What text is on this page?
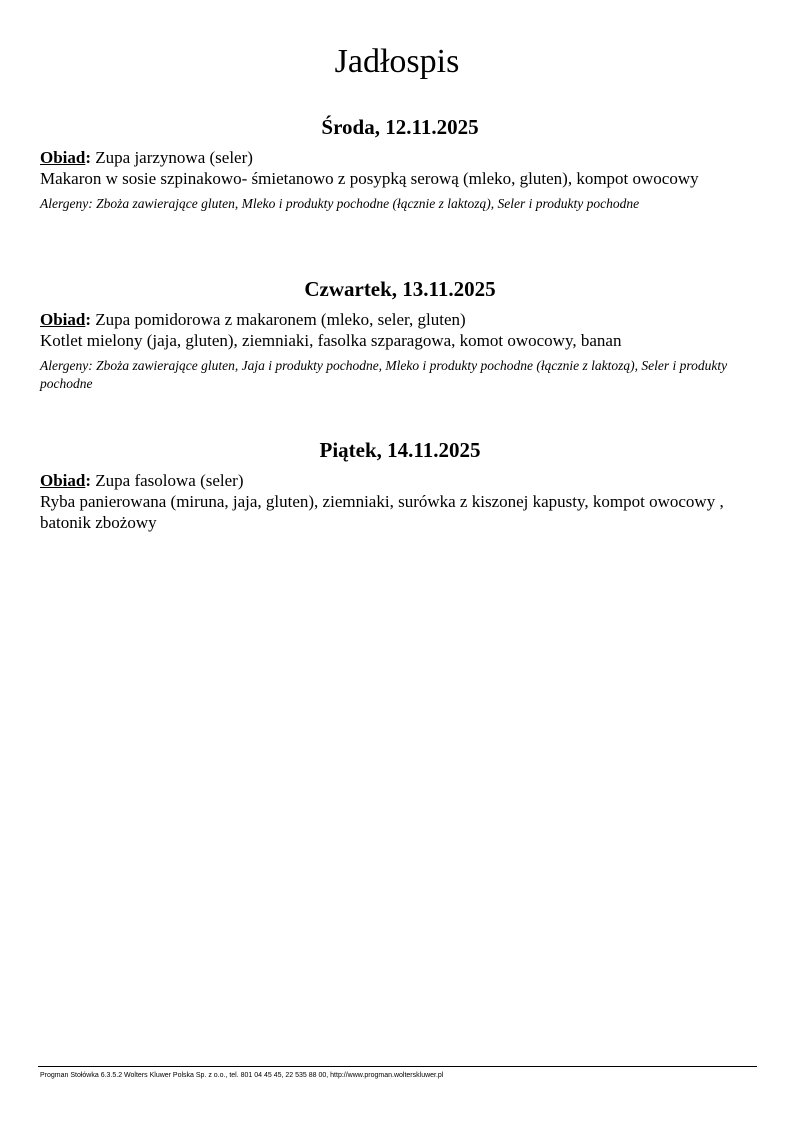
Jadłospis
Środa, 12.11.2025

Obiad: Zupa jarzynowa (seler)

Makaron w sosie szpinakowo- śmietanowo z posypką serową (mleko, gluten), kompot owocowy

Alergeny: Zboża zawierające gluten, Mleko i produkty pochodne (łącznie z laktozą), Seler i produkty pochodne

Czwartek, 13.11.2025

Obiad: Zupa pomidorowa z makaronem (mleko, seler, gluten)

Kotlet mielony (jaja, gluten), ziemniaki, fasolka szparagowa, komot owocowy, banan

Alergeny: Zboża zawierające gluten, Jaja i produkty pochodne, Mleko i produkty pochodne (łącznie z laktozą), Seler i produkty pochodne

Piątek, 14.11.2025

Obiad: Zupa fasolowa (seler)

Ryba panierowana (miruna, jaja, gluten), ziemniaki, surówka z kiszonej kapusty, kompot owocowy , batonik zbożowy

Progman Stołówka 6.3.5.2 Wolters Kluwer Polska Sp. z o.o., tel. 801 04 45 45, 22 535 88 00, http://www.progman.wolterskluwer.pl
